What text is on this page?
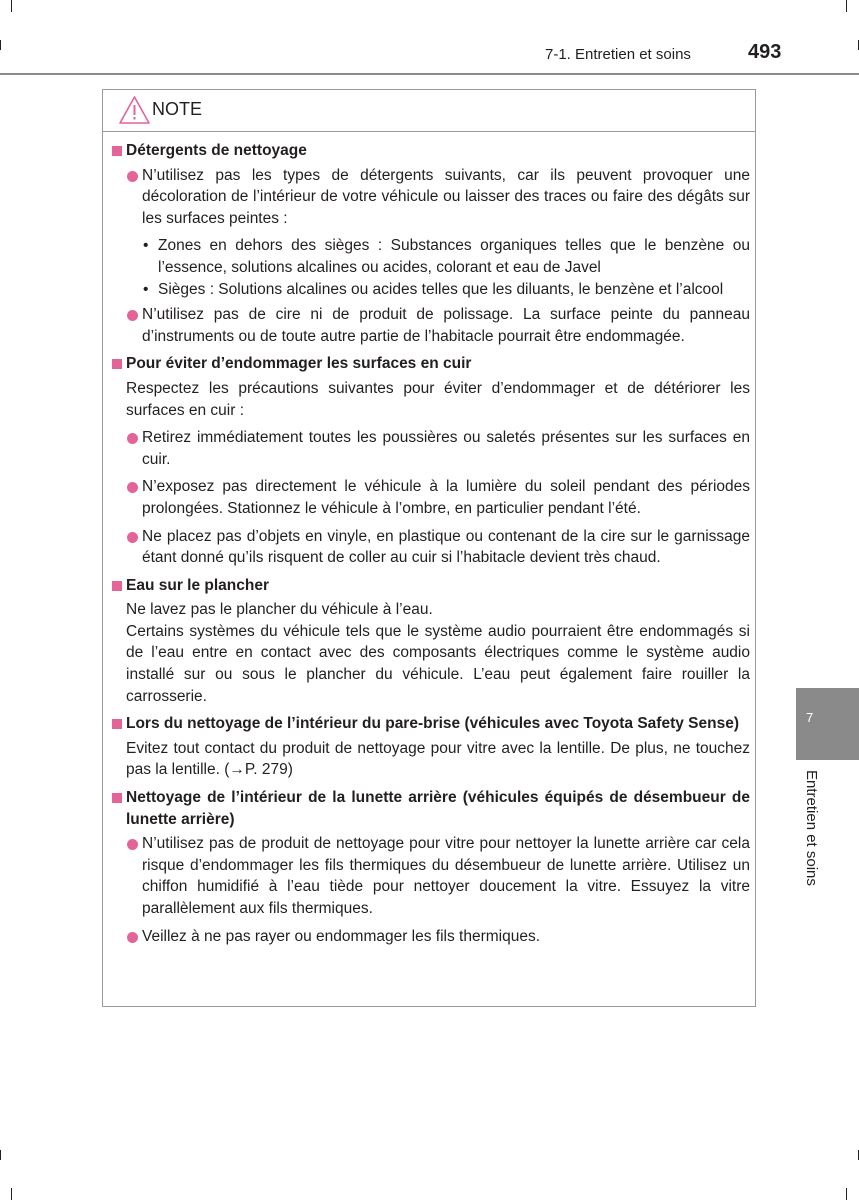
7-1. Entretien et soins	493
NOTE
Détergents de nettoyage
N’utilisez pas les types de détergents suivants, car ils peuvent provoquer une décoloration de l’intérieur de votre véhicule ou laisser des traces ou faire des dégâts sur les surfaces peintes :
• Zones en dehors des sièges : Substances organiques telles que le benzène ou l’essence, solutions alcalines ou acides, colorant et eau de Javel
• Sièges : Solutions alcalines ou acides telles que les diluants, le benzène et l’alcool
N’utilisez pas de cire ni de produit de polissage. La surface peinte du panneau d’instruments ou de toute autre partie de l’habitacle pourrait être endommagée.
Pour éviter d’endommager les surfaces en cuir
Respectez les précautions suivantes pour éviter d’endommager et de détériorer les surfaces en cuir :
Retirez immédiatement toutes les poussières ou saletés présentes sur les surfaces en cuir.
N’exposez pas directement le véhicule à la lumière du soleil pendant des périodes prolongées. Stationnez le véhicule à l’ombre, en particulier pendant l’été.
Ne placez pas d’objets en vinyle, en plastique ou contenant de la cire sur le garnissage étant donné qu’ils risquent de coller au cuir si l’habitacle devient très chaud.
Eau sur le plancher
Ne lavez pas le plancher du véhicule à l’eau.
Certains systèmes du véhicule tels que le système audio pourraient être endommagés si de l’eau entre en contact avec des composants électriques comme le système audio installé sur ou sous le plancher du véhicule. L’eau peut également faire rouiller la carrosserie.
Lors du nettoyage de l’intérieur du pare-brise (véhicules avec Toyota Safety Sense)
Evitez tout contact du produit de nettoyage pour vitre avec la lentille. De plus, ne touchez pas la lentille. (→P. 279)
Nettoyage de l’intérieur de la lunette arrière (véhicules équipés de désembueur de lunette arrière)
N’utilisez pas de produit de nettoyage pour vitre pour nettoyer la lunette arrière car cela risque d’endommager les fils thermiques du désembueur de lunette arrière. Utilisez un chiffon humidifié à l’eau tiède pour nettoyer doucement la vitre. Essuyez la vitre parallèlement aux fils thermiques.
Veillez à ne pas rayer ou endommager les fils thermiques.
7
Entretien et soins
